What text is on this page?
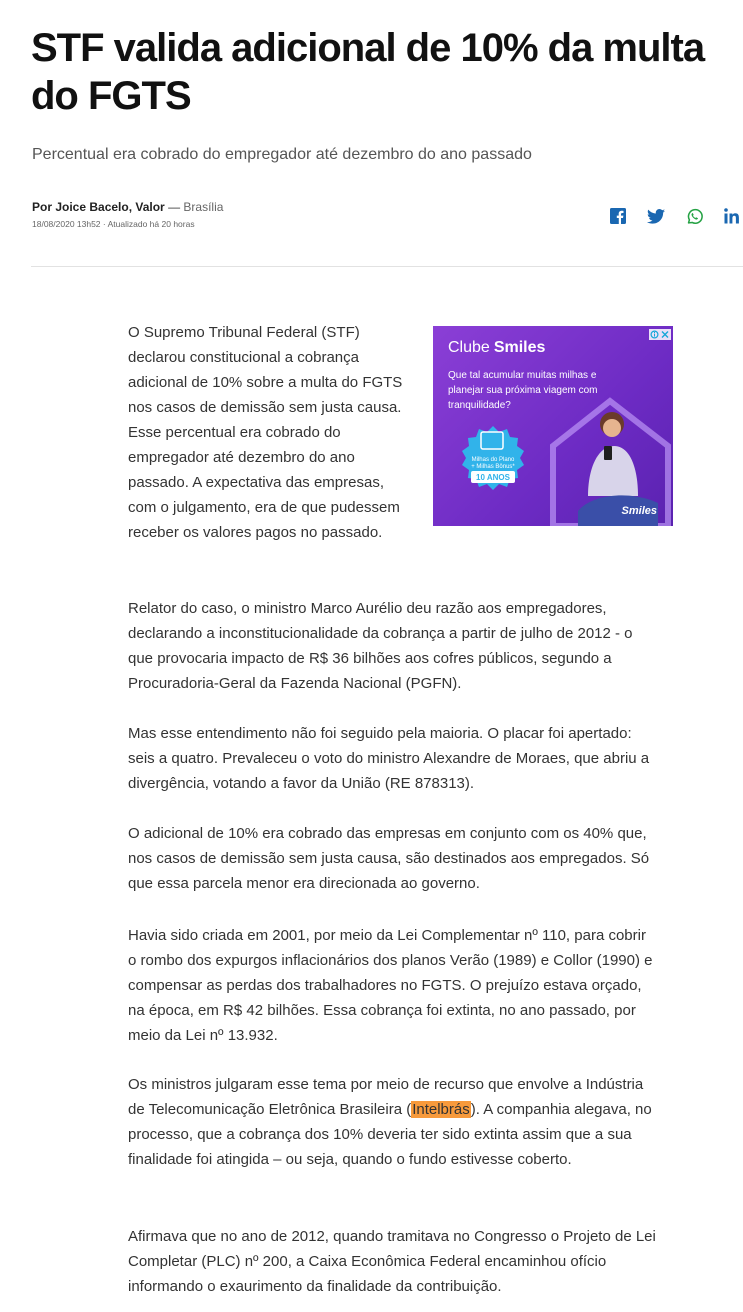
STF valida adicional de 10% da multa do FGTS

Percentual era cobrado do empregador até dezembro do ano passado

Por Joice Bacelo, Valor — Brasília
18/08/2020 13h52 · Atualizado há 20 horas

O Supremo Tribunal Federal (STF) declarou constitucional a cobrança adicional de 10% sobre a multa do FGTS nos casos de demissão sem justa causa. Esse percentual era cobrado do empregador até dezembro do ano passado. A expectativa das empresas, com o julgamento, era de que pudessem receber os valores pagos no passado.

Clube Smiles
Que tal acumular muitas milhas e planejar sua próxima viagem com tranquilidade?
Milhas do Plano
+ Milhas Bônus*
10 ANOS
Smiles

Relator do caso, o ministro Marco Aurélio deu razão aos empregadores, declarando a inconstitucionalidade da cobrança a partir de julho de 2012 - o que provocaria impacto de R$ 36 bilhões aos cofres públicos, segundo a Procuradoria-Geral da Fazenda Nacional (PGFN).

Mas esse entendimento não foi seguido pela maioria. O placar foi apertado: seis a quatro. Prevaleceu o voto do ministro Alexandre de Moraes, que abriu a divergência, votando a favor da União (RE 878313).

O adicional de 10% era cobrado das empresas em conjunto com os 40% que, nos casos de demissão sem justa causa, são destinados aos empregados. Só que essa parcela menor era direcionada ao governo.

Havia sido criada em 2001, por meio da Lei Complementar nº 110, para cobrir o rombo dos expurgos inflacionários dos planos Verão (1989) e Collor (1990) e compensar as perdas dos trabalhadores no FGTS. O prejuízo estava orçado, na época, em R$ 42 bilhões. Essa cobrança foi extinta, no ano passado, por meio da Lei nº 13.932.

Os ministros julgaram esse tema por meio de recurso que envolve a Indústria de Telecomunicação Eletrônica Brasileira (Intelbrás). A companhia alegava, no processo, que a cobrança dos 10% deveria ter sido extinta assim que a sua finalidade foi atingida – ou seja, quando o fundo estivesse coberto.

Afirmava que no ano de 2012, quando tramitava no Congresso o Projeto de Lei Completar (PLC) nº 200, a Caixa Econômica Federal encaminhou ofício informando o exaurimento da finalidade da contribuição.
